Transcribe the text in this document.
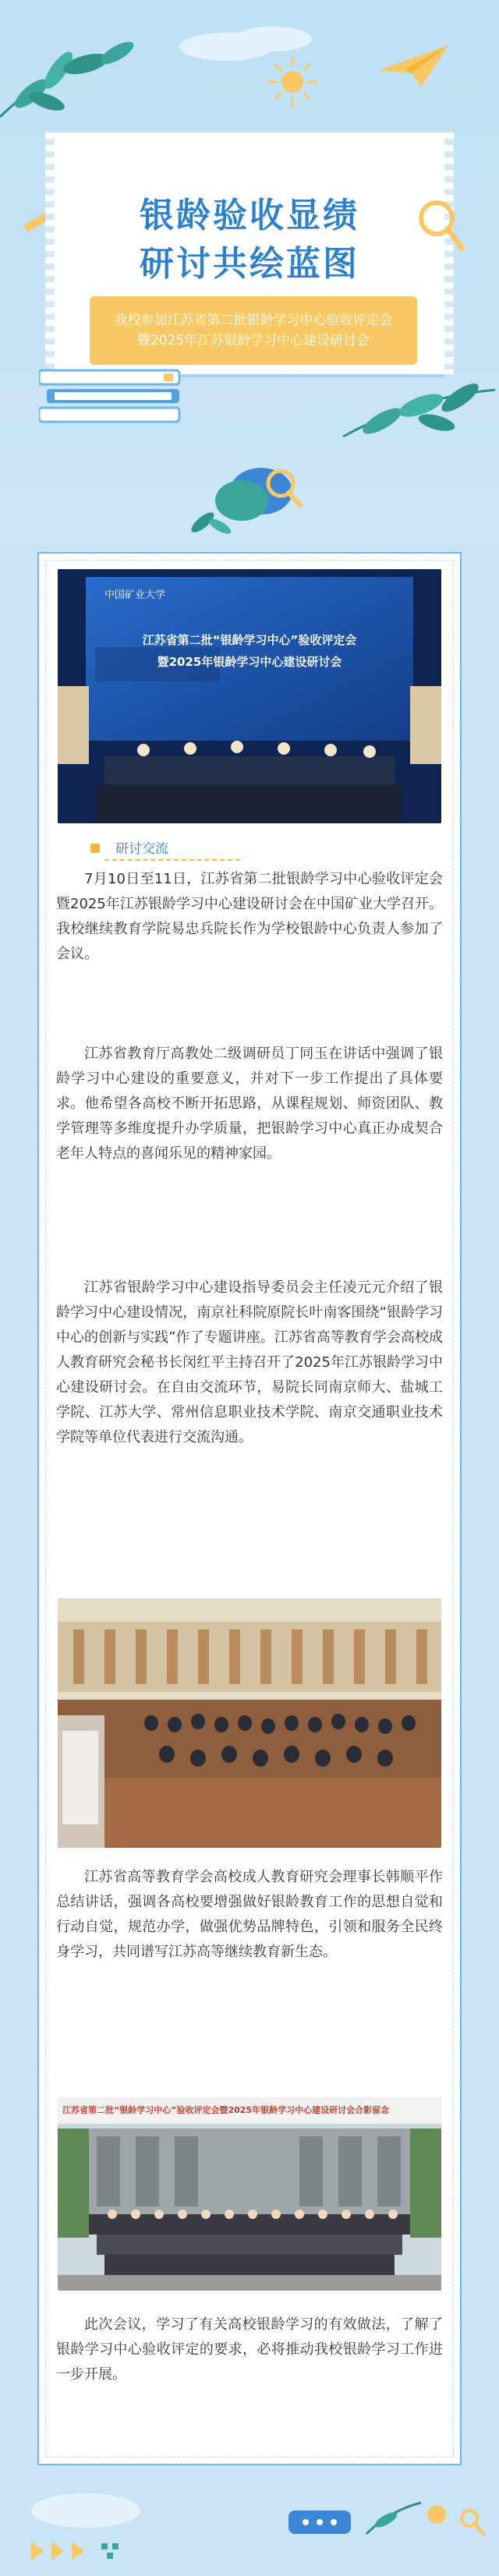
银龄验收显绩
研讨共绘蓝图
我校参加江苏省第二批银龄学习中心验收评定会
暨2025年江苏银龄学习中心建设研讨会
中国矿业大学
江苏省第二批“银龄学习中心”验收评定会
暨2025年银龄学习中心建设研讨会
研讨交流
7月10日至11日，江苏省第二批银龄学习中心验收评定会暨2025年江苏银龄学习中心建设研讨会在中国矿业大学召开。我校继续教育学院易忠兵院长作为学校银龄中心负责人参加了会议。
江苏省教育厅高教处二级调研员丁同玉在讲话中强调了银龄学习中心建设的重要意义，并对下一步工作提出了具体要求。他希望各高校不断开拓思路，从课程规划、师资团队、教学管理等多维度提升办学质量，把银龄学习中心真正办成契合老年人特点的喜闻乐见的精神家园。
江苏省银龄学习中心建设指导委员会主任凌元元介绍了银龄学习中心建设情况，南京社科院原院长叶南客围绕“银龄学习中心的创新与实践”作了专题讲座。江苏省高等教育学会高校成人教育研究会秘书长闵红平主持召开了2025年江苏银龄学习中心建设研讨会。在自由交流环节，易院长同南京师大、盐城工学院、江苏大学、常州信息职业技术学院、南京交通职业技术学院等单位代表进行交流沟通。
江苏省高等教育学会高校成人教育研究会理事长韩顺平作总结讲话，强调各高校要增强做好银龄教育工作的思想自觉和行动自觉，规范办学，做强优势品牌特色，引领和服务全民终身学习，共同谱写江苏高等继续教育新生态。
江苏省第二批“银龄学习中心”验收评定会暨2025年银龄学习中心建设研讨会合影留念
此次会议，学习了有关高校银龄学习的有效做法，了解了银龄学习中心验收评定的要求，必将推动我校银龄学习工作进一步开展。
